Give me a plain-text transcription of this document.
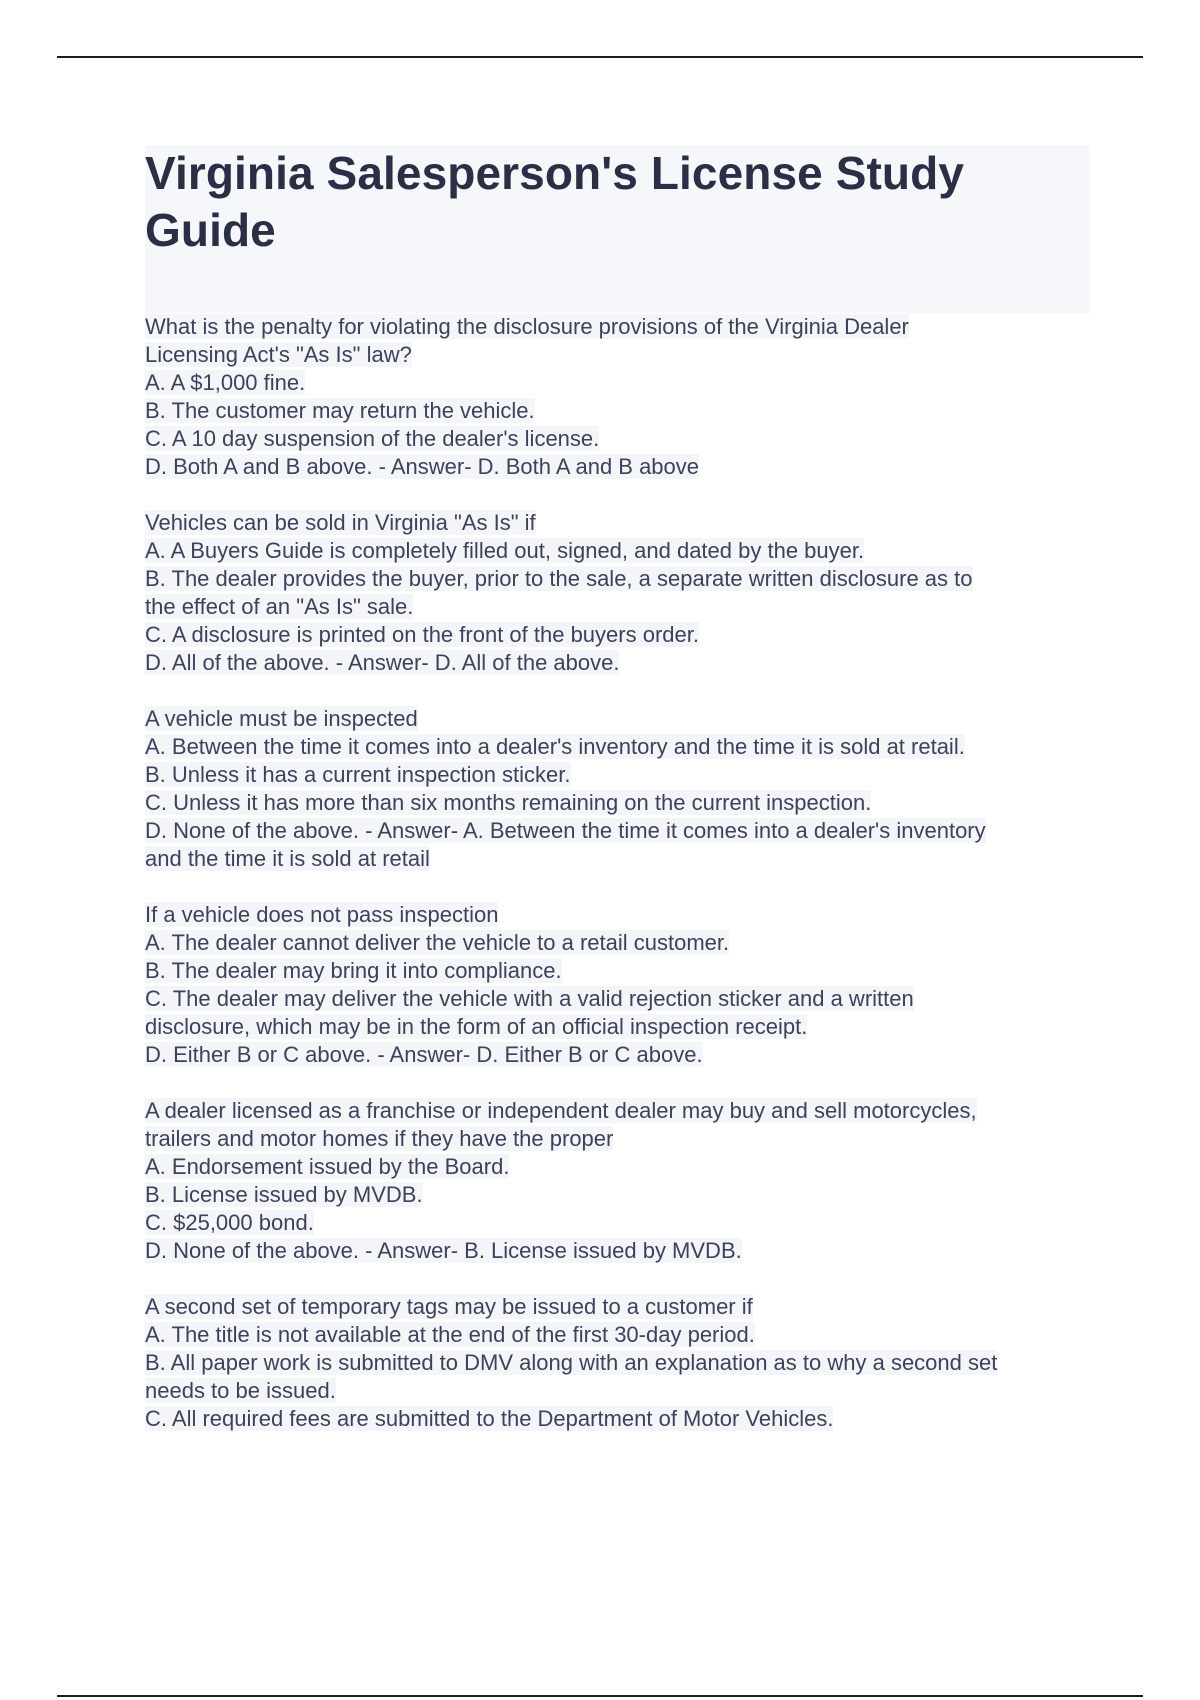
Virginia Salesperson's License Study Guide
What is the penalty for violating the disclosure provisions of the Virginia Dealer
Licensing Act's "As Is" law?
A. A $1,000 fine.
B. The customer may return the vehicle.
C. A 10 day suspension of the dealer's license.
D. Both A and B above. - Answer- D. Both A and B above
Vehicles can be sold in Virginia "As Is" if
A. A Buyers Guide is completely filled out, signed, and dated by the buyer.
B. The dealer provides the buyer, prior to the sale, a separate written disclosure as to
the effect of an "As Is" sale.
C. A disclosure is printed on the front of the buyers order.
D. All of the above. - Answer- D. All of the above.
A vehicle must be inspected
A. Between the time it comes into a dealer's inventory and the time it is sold at retail.
B. Unless it has a current inspection sticker.
C. Unless it has more than six months remaining on the current inspection.
D. None of the above. - Answer- A. Between the time it comes into a dealer's inventory
and the time it is sold at retail
If a vehicle does not pass inspection
A. The dealer cannot deliver the vehicle to a retail customer.
B. The dealer may bring it into compliance.
C. The dealer may deliver the vehicle with a valid rejection sticker and a written
disclosure, which may be in the form of an official inspection receipt.
D. Either B or C above. - Answer- D. Either B or C above.
A dealer licensed as a franchise or independent dealer may buy and sell motorcycles,
trailers and motor homes if they have the proper
A. Endorsement issued by the Board.
B. License issued by MVDB.
C. $25,000 bond.
D. None of the above. - Answer- B. License issued by MVDB.
A second set of temporary tags may be issued to a customer if
A. The title is not available at the end of the first 30-day period.
B. All paper work is submitted to DMV along with an explanation as to why a second set
needs to be issued.
C. All required fees are submitted to the Department of Motor Vehicles.
